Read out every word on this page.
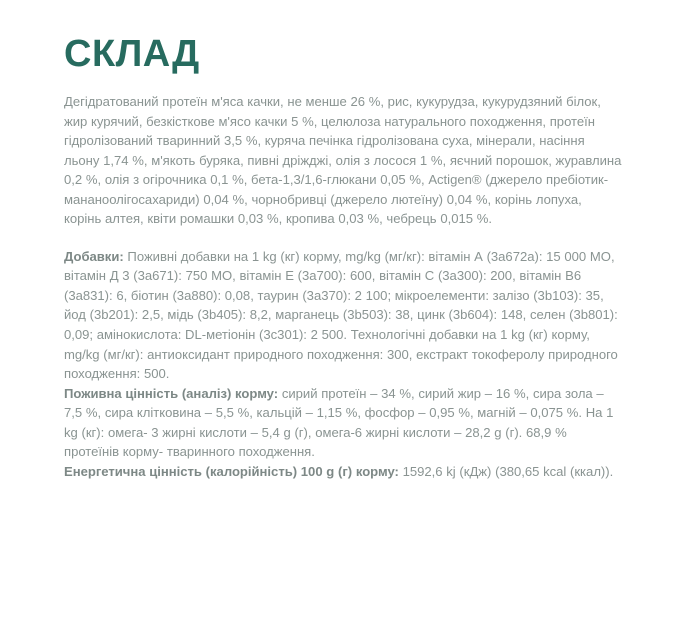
СКЛАД

Дегідратований протеїн м'яса качки, не менше 26 %, рис, кукурудза, кукурудзяний білок, жир курячий, безкісткове м'ясо качки 5 %, целюлоза натурального походження, протеїн гідролізований тваринний 3,5 %, куряча печінка гідролізована суха, мінерали, насіння льону 1,74 %, м'якоть буряка, пивні дріжджі, олія з лосося 1 %, яєчний порошок, журавлина 0,2 %, олія з огірочника 0,1 %, бета-1,3/1,6-глюкани 0,05 %, Actigen® (джерело пребіотик- мананоолігосахариди) 0,04 %, чорнобривці (джерело лютеїну) 0,04 %, корінь лопуха, корінь алтея, квіти ромашки 0,03 %, кропива 0,03 %, чебрець 0,015 %.

Добавки: Поживні добавки на 1 kg (кг) корму, mg/kg (мг/кг): вітамін А (3а672а): 15 000 МО, вітамін Д 3 (3а671): 750 МО, вітамін Е (3а700): 600, вітамін С (3а300): 200, вітамін В6 (3а831): 6, біотин (3а880): 0,08, таурин (3а370): 2 100; мікроелементи: залізо (3b103): 35, йод (3b201): 2,5, мідь (3b405): 8,2, марганець (3b503): 38, цинк (3b604): 148, селен (3b801): 0,09; амінокислота: DL-метіонін (3c301): 2 500. Технологічні добавки на 1 kg (кг) корму, mg/kg (мг/кг): антиоксидант природного походження: 300, екстракт токоферолу природного походження: 500.

Поживна цінність (аналіз) корму: сирий протеїн – 34 %, сирий жир – 16 %, сира зола – 7,5 %, сира клітковина – 5,5 %, кальцій – 1,15 %, фосфор – 0,95 %, магній – 0,075 %. На 1 kg (кг): омега- 3 жирні кислоти – 5,4 g (г), омега-6 жирні кислоти – 28,2 g (г). 68,9 % протеїнів корму- тваринного походження.

Енергетична цінність (калорійність) 100 g (г) корму: 1592,6 kj (кДж) (380,65 kcal (ккал)).
